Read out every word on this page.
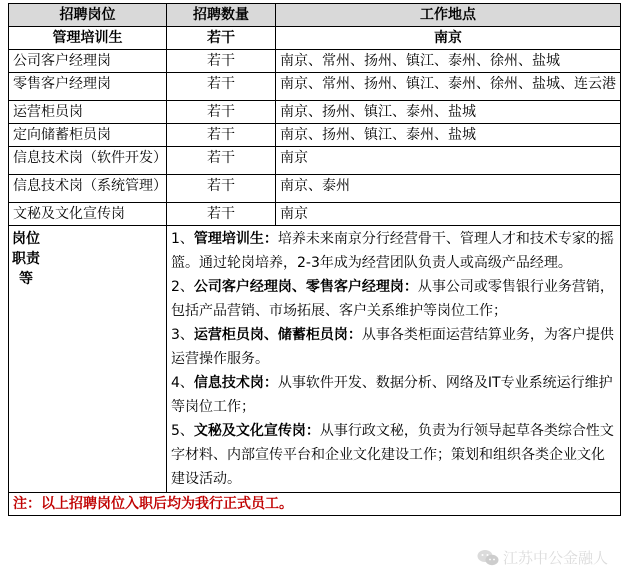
招聘岗位	招聘数量	工作地点
管理培训生	若干	南京
公司客户经理岗	若干	南京、常州、扬州、镇江、泰州、徐州、盐城
零售客户经理岗	若干	南京、常州、扬州、镇江、泰州、徐州、盐城、连云港
运营柜员岗	若干	南京、扬州、镇江、泰州、盐城
定向储蓄柜员岗	若干	南京、扬州、镇江、泰州、盐城
信息技术岗（软件开发）	若干	南京
信息技术岗（系统管理）	若干	南京、泰州
文秘及文化宣传岗	若干	南京

岗位职责等	1、管理培训生：培养未来南京分行经营骨干、管理人才和技术专家的摇篮。通过轮岗培养，2-3年成为经营团队负责人或高级产品经理。

2、公司客户经理岗、零售客户经理岗：从事公司或零售银行业务营销，包括产品营销、市场拓展、客户关系维护等岗位工作；

3、运营柜员岗、储蓄柜员岗：从事各类柜面运营结算业务，为客户提供运营操作服务。

4、信息技术岗：从事软件开发、数据分析、网络及IT专业系统运行维护等岗位工作；

5、文秘及文化宣传岗：从事行政文秘，负责为行领导起草各类综合性文字材料、内部宣传平台和企业文化建设工作；策划和组织各类企业文化建设活动。	

注：以上招聘岗位入职后均为我行正式员工。		
江苏中公金融人
